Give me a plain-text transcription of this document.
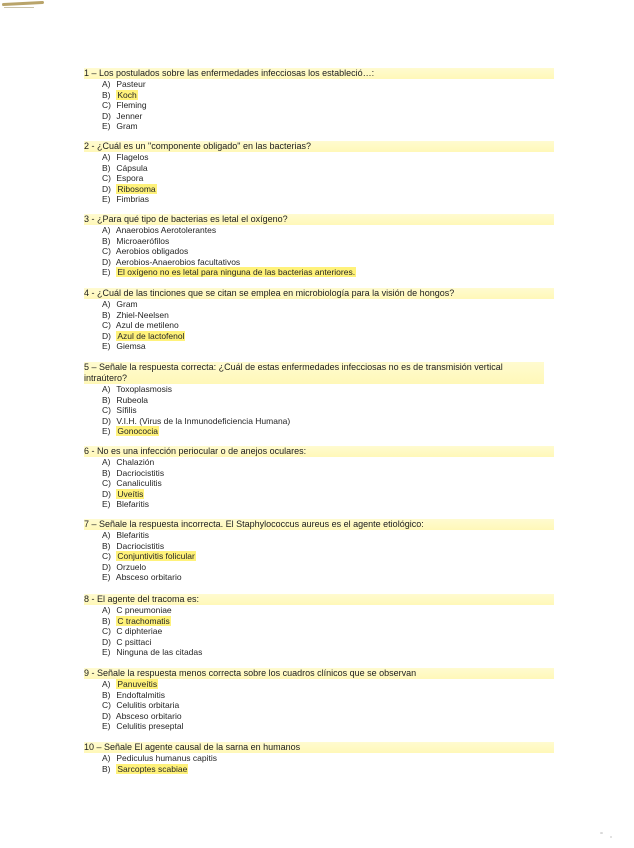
1 – Los postulados sobre las enfermedades infecciosas los estableció…:
A) Pasteur
B) Koch
C) Fleming
D) Jenner
E) Gram
2 - ¿Cuál es un "componente obligado" en las bacterias?
A) Flagelos
B) Cápsula
C) Espora
D) Ribosoma
E) Fimbrias
3 - ¿Para qué tipo de bacterias es letal el oxígeno?
A) Anaerobios Aerotolerantes
B) Microaerófilos
C) Aerobios obligados
D) Aerobios-Anaerobios facultativos
E) El oxígeno no es letal para ninguna de las bacterias anteriores.
4 - ¿Cuál de las tinciones que se citan se emplea en microbiología para la visión de hongos?
A) Gram
B) Zhiel-Neelsen
C) Azul de metileno
D) Azul de lactofenol
E) Giemsa
5 – Señale la respuesta correcta: ¿Cuál de estas enfermedades infecciosas no es de transmisión vertical intraútero?
A) Toxoplasmosis
B) Rubeola
C) Sífilis
D) V.I.H. (Virus de la Inmunodeficiencia Humana)
E) Gonococia
6 - No es una infección periocular o de anejos oculares:
A) Chalazión
B) Dacriocistitis
C) Canaliculitis
D) Uveítis
E) Blefaritis
7 – Señale la respuesta incorrecta. El Staphylococcus aureus es el agente etiológico:
A) Blefaritis
B) Dacriocistitis
C) Conjuntivitis folicular
D) Orzuelo
E) Absceso orbitario
8 - El agente del tracoma es:
A) C pneumoniae
B) C trachomatis
C) C diphteriae
D) C psittaci
E) Ninguna de las citadas
9 - Señale la respuesta menos correcta sobre los cuadros clínicos que se observan
A) Panuveítis
B) Endoftalmitis
C) Celulitis orbitaria
D) Absceso orbitario
E) Celulitis preseptal
10 – Señale El agente causal de la sarna en humanos
A) Pediculus humanus capitis
B) Sarcoptes scabiae
